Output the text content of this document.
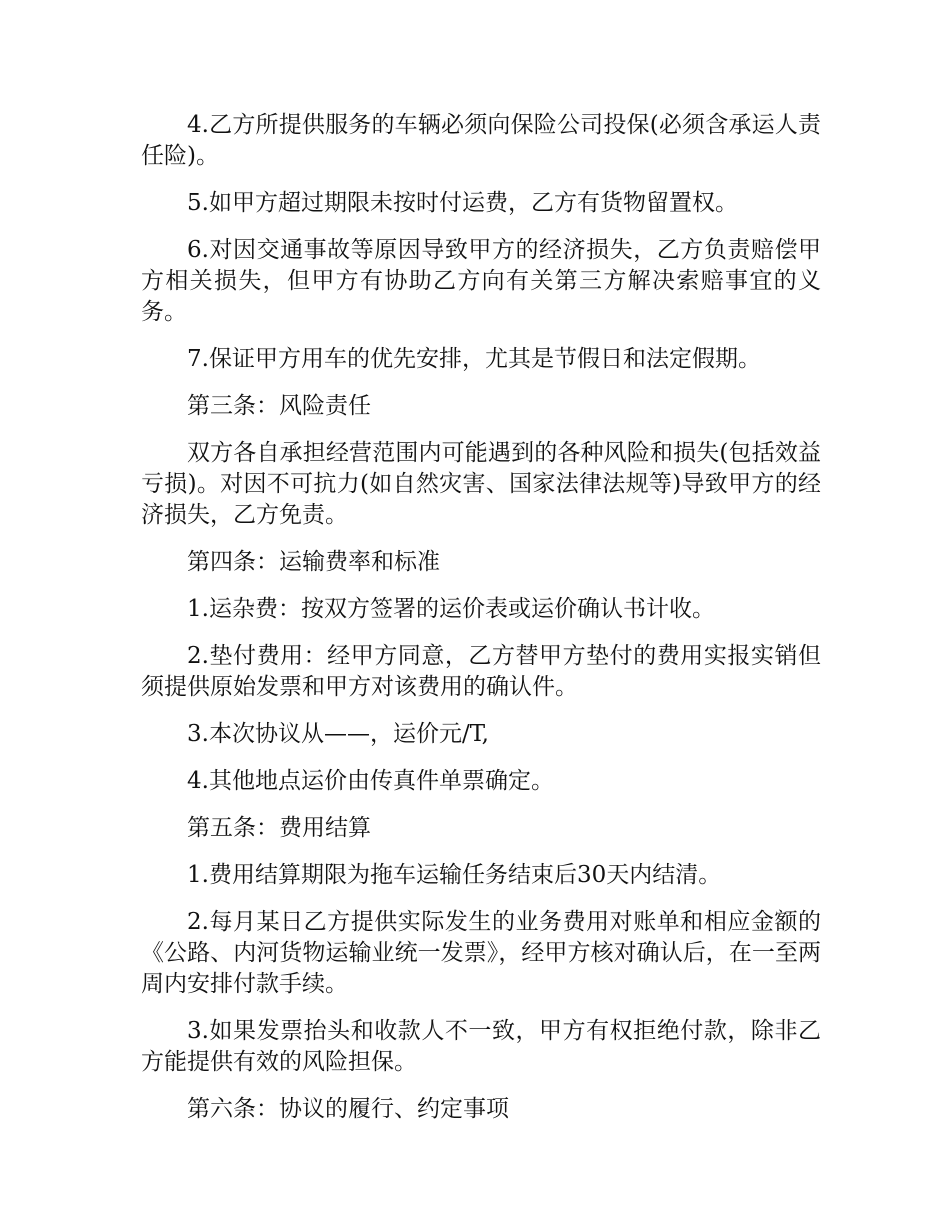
4.乙方所提供服务的车辆必须向保险公司投保(必须含承运人责任险)。

5.如甲方超过期限未按时付运费，乙方有货物留置权。

6.对因交通事故等原因导致甲方的经济损失，乙方负责赔偿甲方相关损失，但甲方有协助乙方向有关第三方解决索赔事宜的义务。

7.保证甲方用车的优先安排，尤其是节假日和法定假期。

第三条：风险责任

双方各自承担经营范围内可能遇到的各种风险和损失(包括效益亏损)。对因不可抗力(如自然灾害、国家法律法规等)导致甲方的经济损失，乙方免责。

第四条：运输费率和标准

1.运杂费：按双方签署的运价表或运价确认书计收。

2.垫付费用：经甲方同意，乙方替甲方垫付的费用实报实销但须提供原始发票和甲方对该费用的确认件。

3.本次协议从——，运价元/T,

4.其他地点运价由传真件单票确定。

第五条：费用结算

1.费用结算期限为拖车运输任务结束后30天内结清。

2.每月某日乙方提供实际发生的业务费用对账单和相应金额的《公路、内河货物运输业统一发票》，经甲方核对确认后，在一至两周内安排付款手续。

3.如果发票抬头和收款人不一致，甲方有权拒绝付款，除非乙方能提供有效的风险担保。

第六条：协议的履行、约定事项
